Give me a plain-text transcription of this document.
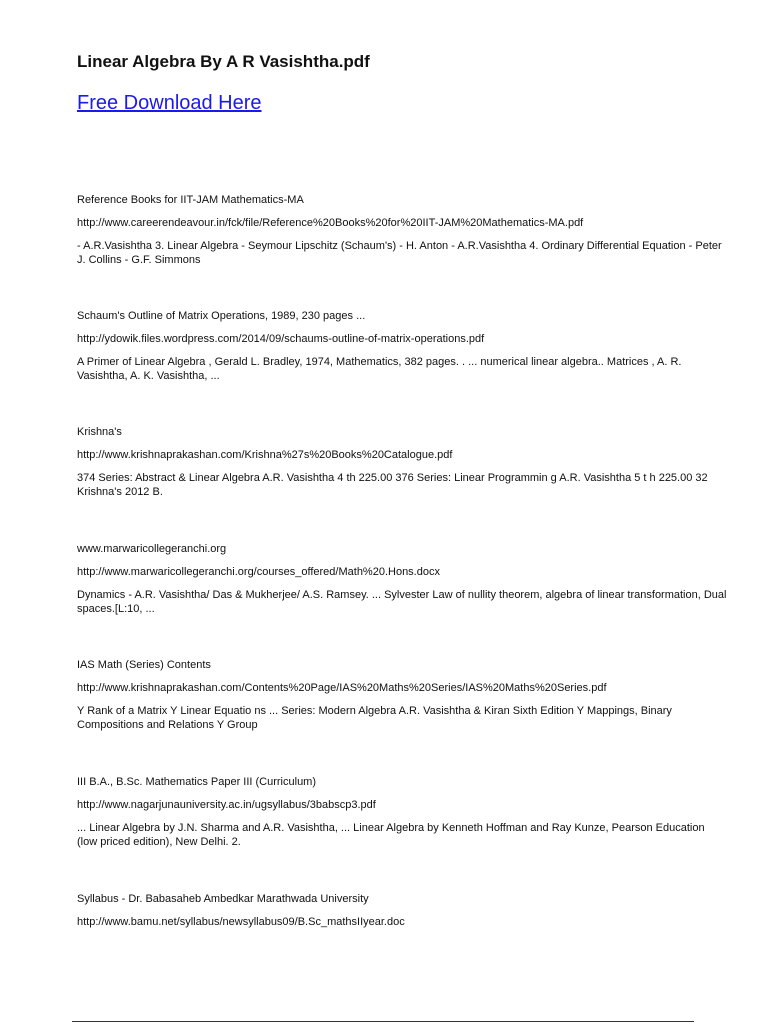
Linear Algebra By A R Vasishtha.pdf
Free Download Here
Reference Books for IIT-JAM Mathematics-MA
http://www.careerendeavour.in/fck/file/Reference%20Books%20for%20IIT-JAM%20Mathematics-MA.pdf
- A.R.Vasishtha 3. Linear Algebra - Seymour Lipschitz (Schaum's) - H. Anton - A.R.Vasishtha 4. Ordinary Differential Equation - Peter J. Collins - G.F. Simmons
Schaum's Outline of Matrix Operations, 1989, 230 pages ...
http://ydowik.files.wordpress.com/2014/09/schaums-outline-of-matrix-operations.pdf
A Primer of Linear Algebra , Gerald L. Bradley, 1974, Mathematics, 382 pages. . ... numerical linear algebra.. Matrices , A. R. Vasishtha, A. K. Vasishtha, ...
Krishna's
http://www.krishnaprakashan.com/Krishna%27s%20Books%20Catalogue.pdf
374 Series: Abstract & Linear Algebra A.R. Vasishtha 4 th 225.00 376 Series: Linear Programmin g A.R. Vasishtha 5 t h 225.00 32 Krishna's 2012 B.
www.marwaricollegeranchi.org
http://www.marwaricollegeranchi.org/courses_offered/Math%20.Hons.docx
Dynamics - A.R. Vasishtha/ Das & Mukherjee/ A.S. Ramsey. ... Sylvester Law of nullity theorem, algebra of linear transformation, Dual spaces.[L:10, ...
IAS Math (Series) Contents
http://www.krishnaprakashan.com/Contents%20Page/IAS%20Maths%20Series/IAS%20Maths%20Series.pdf
Y Rank of a Matrix Y Linear Equatio ns ... Series: Modern Algebra A.R. Vasishtha & Kiran Sixth Edition Y Mappings, Binary Compositions and Relations Y Group
III B.A., B.Sc. Mathematics Paper III (Curriculum)
http://www.nagarjunauniversity.ac.in/ugsyllabus/3babscp3.pdf
... Linear Algebra by J.N. Sharma and A.R. Vasishtha, ... Linear Algebra by Kenneth Hoffman and Ray Kunze, Pearson Education (low priced edition), New Delhi. 2.
Syllabus - Dr. Babasaheb Ambedkar Marathwada University
http://www.bamu.net/syllabus/newsyllabus09/B.Sc_mathsIIyear.doc
